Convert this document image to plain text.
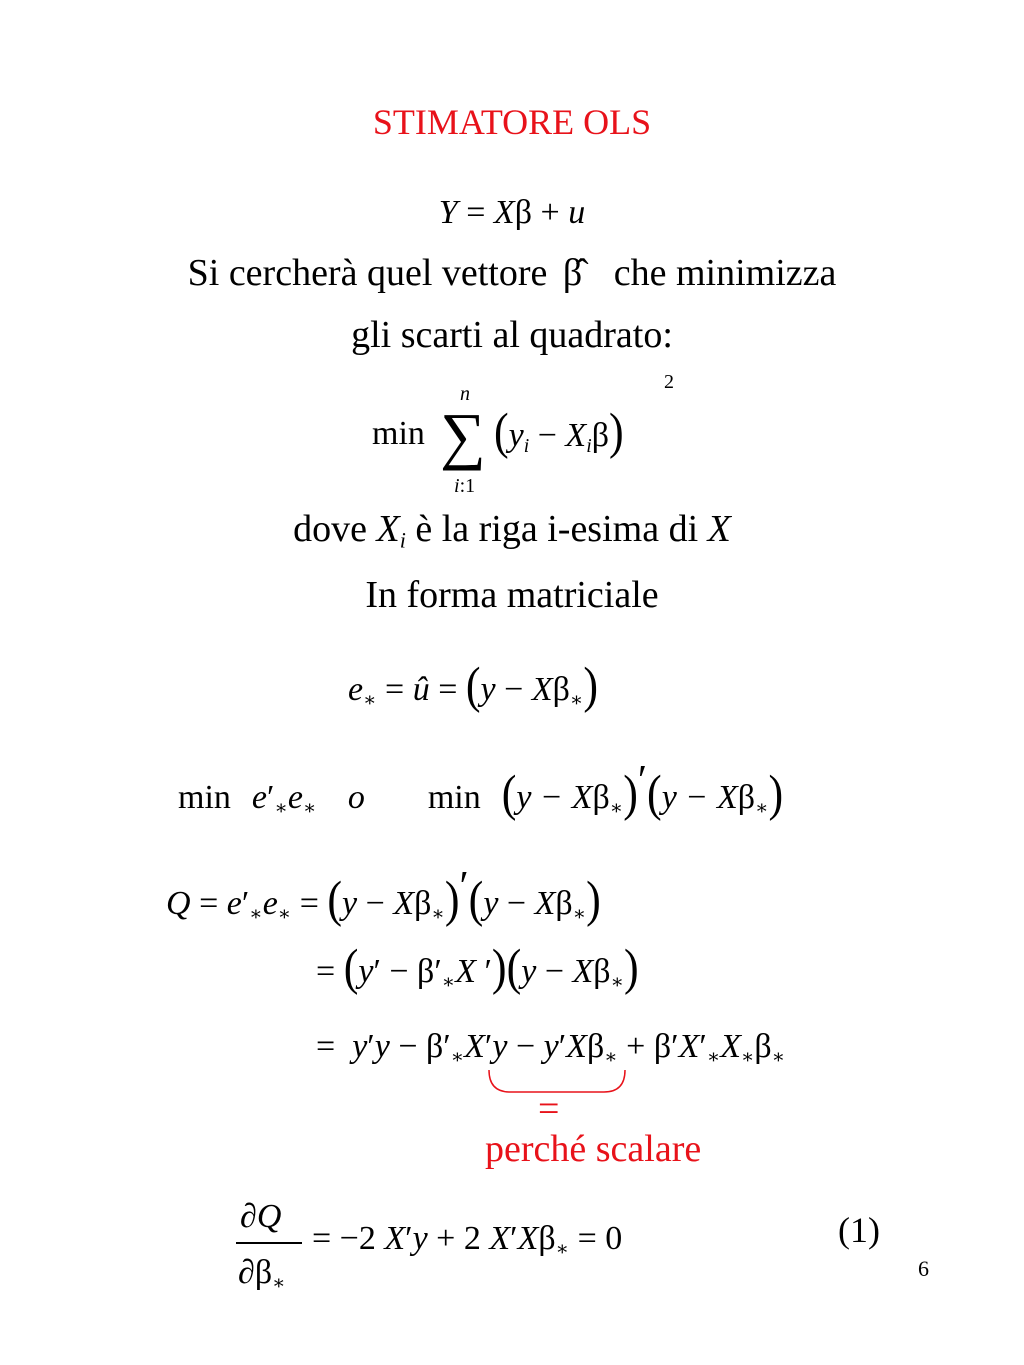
STIMATORE OLS
Y = Xβ + u
Si cercherà quel vettore β̂ che minimizza
gli scarti al quadrato:
min ∑
n
i:1
$(y_i - X_i\beta)$
2
dove $X_i$ è la riga i-esima di X
In forma matriciale
$e_∗$ = û = $(y - X\beta_∗)$
$\min e'_∗e_∗$ o $\min (y - X\beta_∗)'(y - X\beta_∗)$
$Q = e'_∗e_∗ = (y - X\beta_∗)'(y - X\beta_∗)$
= ($y' - \beta'_∗X$ $')(y - X\beta_∗)$
=  $y'y - \beta'_∗X'y - y'X\beta_∗ + \beta'X'_∗X_∗\beta_∗$
=
perché scalare
∂Q
$\partial\beta_∗$
= −2 X′y + 2 $X'X\beta_∗ = 0$	(1)
6
